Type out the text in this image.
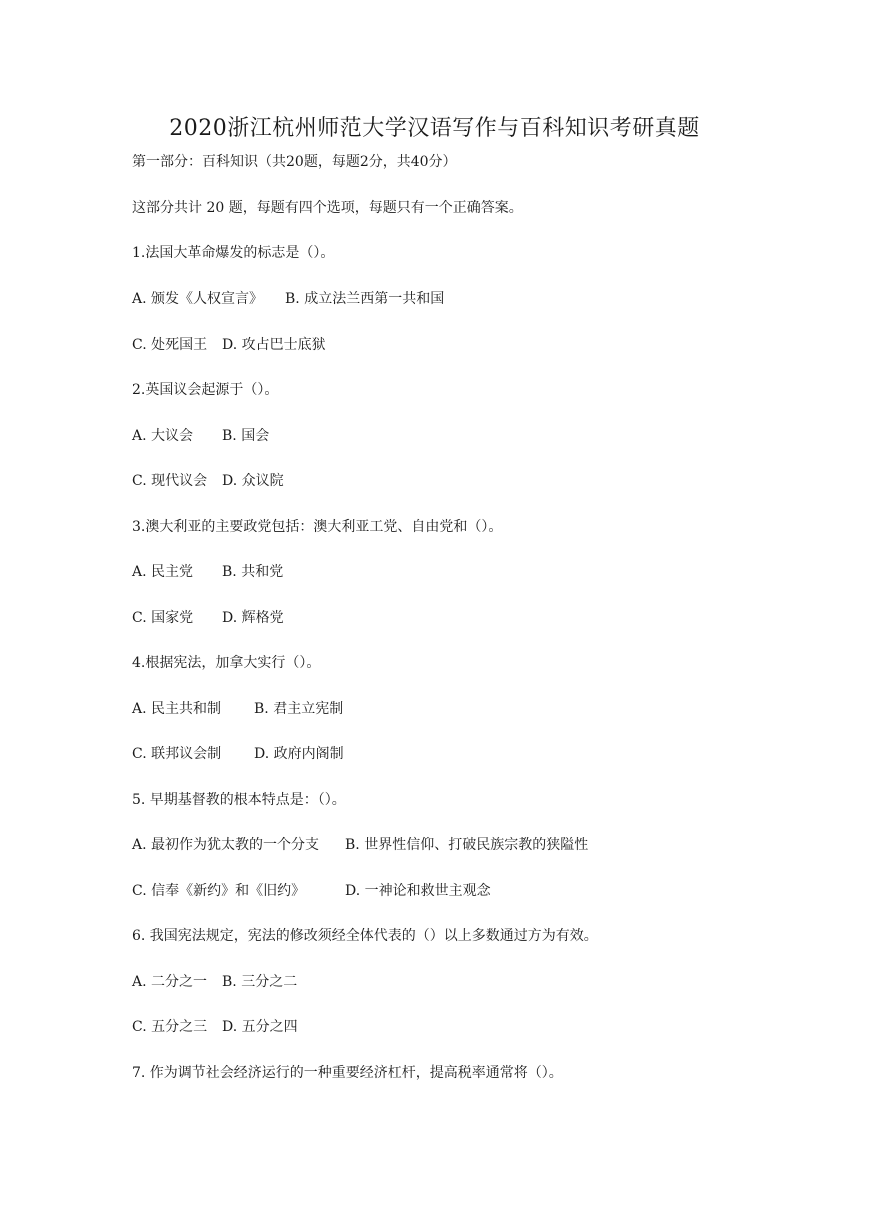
2020浙江杭州师范大学汉语写作与百科知识考研真题
第一部分：百科知识（共20题，每题2分，共40分）
这部分共计 20 题，每题有四个选项，每题只有一个正确答案。
1.法国大革命爆发的标志是（）。
A. 颁发《人权宣言》 B. 成立法兰西第一共和国
C. 处死国王 D. 攻占巴士底狱
2.英国议会起源于（）。
A. 大议会 B. 国会
C. 现代议会 D. 众议院
3.澳大利亚的主要政党包括：澳大利亚工党、自由党和（）。
A. 民主党 B. 共和党
C. 国家党 D. 辉格党
4.根据宪法，加拿大实行（）。
A. 民主共和制 B. 君主立宪制
C. 联邦议会制 D. 政府内阁制
5. 早期基督教的根本特点是：（）。
A. 最初作为犹太教的一个分支 B. 世界性信仰、打破民族宗教的狭隘性
C. 信奉《新约》和《旧约》	D. 一神论和救世主观念
6. 我国宪法规定，宪法的修改须经全体代表的（）以上多数通过方为有效。
A. 二分之一 B. 三分之二
C. 五分之三 D. 五分之四
7. 作为调节社会经济运行的一种重要经济杠杆，提高税率通常将（）。
